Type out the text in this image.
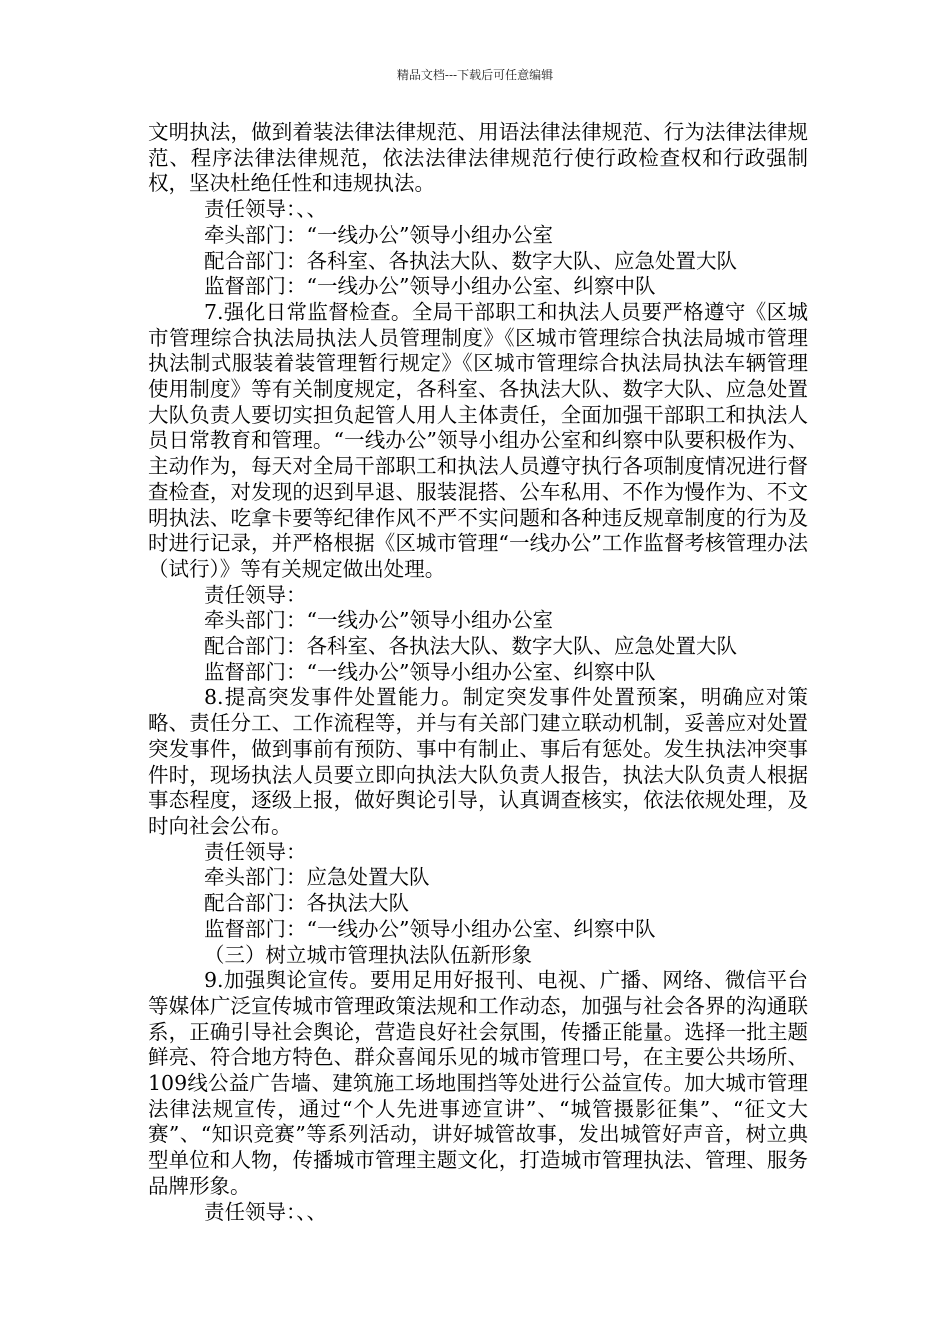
精品文档---下载后可任意编辑

文明执法，做到着装法律法律规范、用语法律法律规范、行为法律法律规范、程序法律法律规范，依法法律法律规范行使行政检查权和行政强制权，坚决杜绝任性和违规执法。

责任领导：、、

牵头部门：“一线办公”领导小组办公室

配合部门：各科室、各执法大队、数字大队、应急处置大队

监督部门：“一线办公”领导小组办公室、纠察中队

7.强化日常监督检查。全局干部职工和执法人员要严格遵守《区城市管理综合执法局执法人员管理制度》《区城市管理综合执法局城市管理执法制式服装着装管理暂行规定》《区城市管理综合执法局执法车辆管理使用制度》等有关制度规定，各科室、各执法大队、数字大队、应急处置大队负责人要切实担负起管人用人主体责任，全面加强干部职工和执法人员日常教育和管理。“一线办公”领导小组办公室和纠察中队要积极作为、主动作为，每天对全局干部职工和执法人员遵守执行各项制度情况进行督查检查，对发现的迟到早退、服装混搭、公车私用、不作为慢作为、不文明执法、吃拿卡要等纪律作风不严不实问题和各种违反规章制度的行为及时进行记录，并严格根据《区城市管理“一线办公”工作监督考核管理办法（试行）》等有关规定做出处理。

责任领导：

牵头部门：“一线办公”领导小组办公室

配合部门：各科室、各执法大队、数字大队、应急处置大队

监督部门：“一线办公”领导小组办公室、纠察中队

8.提高突发事件处置能力。制定突发事件处置预案，明确应对策略、责任分工、工作流程等，并与有关部门建立联动机制，妥善应对处置突发事件，做到事前有预防、事中有制止、事后有惩处。发生执法冲突事件时，现场执法人员要立即向执法大队负责人报告，执法大队负责人根据事态程度，逐级上报，做好舆论引导，认真调查核实，依法依规处理，及时向社会公布。

责任领导：

牵头部门：应急处置大队

配合部门：各执法大队

监督部门：“一线办公”领导小组办公室、纠察中队

（三）树立城市管理执法队伍新形象

9.加强舆论宣传。要用足用好报刊、电视、广播、网络、微信平台等媒体广泛宣传城市管理政策法规和工作动态，加强与社会各界的沟通联系，正确引导社会舆论，营造良好社会氛围，传播正能量。选择一批主题鲜亮、符合地方特色、群众喜闻乐见的城市管理口号，在主要公共场所、109线公益广告墙、建筑施工场地围挡等处进行公益宣传。加大城市管理法律法规宣传，通过“个人先进事迹宣讲”、“城管摄影征集”、“征文大赛”、“知识竞赛”等系列活动，讲好城管故事，发出城管好声音，树立典型单位和人物，传播城市管理主题文化，打造城市管理执法、管理、服务品牌形象。

责任领导：、、
